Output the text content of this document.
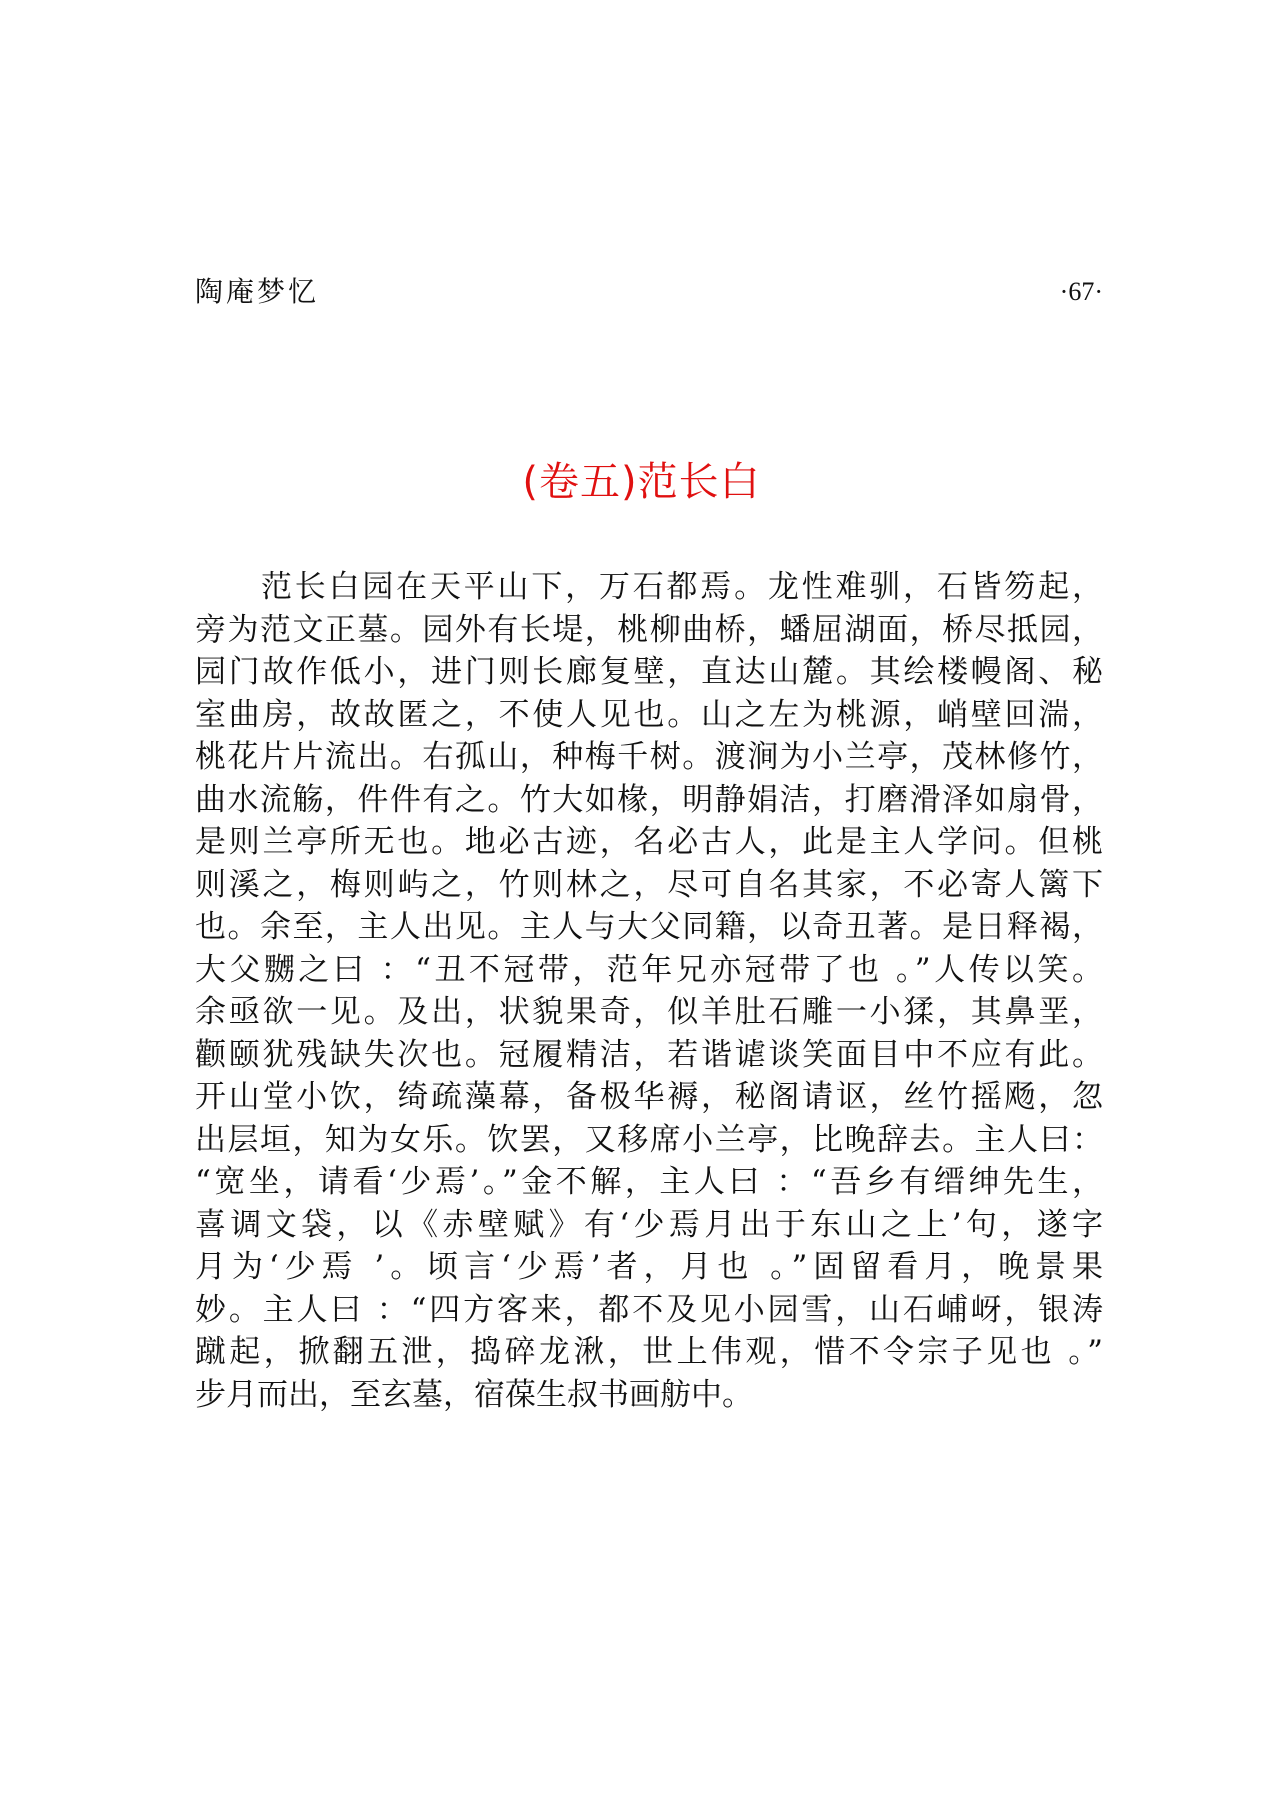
陶庵梦忆	·67·
(卷五)范长白
范长白园在天平山下，万石都焉。龙性难驯，石皆笏起，
旁为范文正墓。园外有长堤，桃柳曲桥，蟠屈湖面，桥尽抵园，
园门故作低小，进门则长廊复壁，直达山麓。其绘楼幔阁、秘
室曲房，故故匿之，不使人见也。山之左为桃源，峭壁回湍，
桃花片片流出。右孤山，种梅千树。渡涧为小兰亭，茂林修竹，
曲水流觞，件件有之。竹大如椽，明静娟洁，打磨滑泽如扇骨，
是则兰亭所无也。地必古迹，名必古人，此是主人学问。但桃
则溪之，梅则屿之，竹则林之，尽可自名其家，不必寄人篱下
也。余至，主人出见。主人与大父同籍，以奇丑著。是日释褐，
大父嬲之曰 ：“丑不冠带，范年兄亦冠带了也 。”人传以笑。
余亟欲一见。及出，状貌果奇，似羊肚石雕一小猱，其鼻垩，
颧颐犹残缺失次也。冠履精洁，若谐谑谈笑面目中不应有此。
开山堂小饮，绮疏藻幕，备极华褥，秘阁请讴，丝竹摇飏，忽
出层垣，知为女乐。饮罢，又移席小兰亭，比晚辞去。主人曰：
“宽坐，请看‘少焉’。”金不解，主人曰 ：“吾乡有缙绅先生，
喜调文袋，以《赤壁赋》有‘少焉月出于东山之上’句，遂字
月为‘少焉 ’。顷言‘少焉’者，月也 。”固留看月，晚景果
妙。主人曰 ：“四方客来，都不及见小园雪，山石峬岈，银涛
蹴起，掀翻五泄，捣碎龙湫，世上伟观，惜不令宗子见也 。”
步月而出，至玄墓，宿葆生叔书画舫中。
